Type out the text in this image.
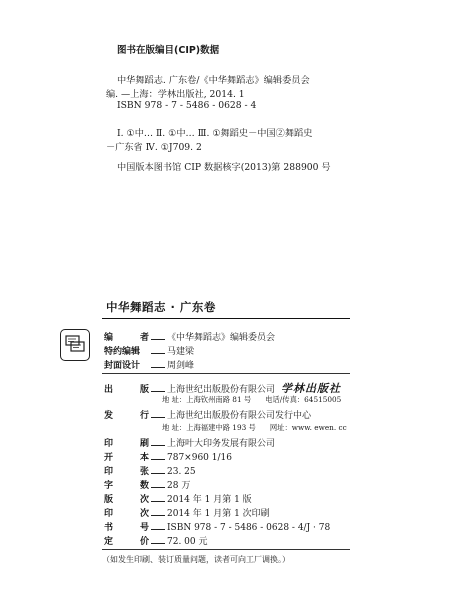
图书在版编目(CIP)数据
中华舞蹈志. 广东卷/《中华舞蹈志》编辑委员会
编. —上海：学林出版社, 2014. 1
ISBN 978 - 7 - 5486 - 0628 - 4
Ⅰ. ①中… Ⅱ. ①中… Ⅲ. ①舞蹈史－中国②舞蹈史
－广东省 Ⅳ. ①J709. 2
中国版本图书馆 CIP 数据核字(2013)第 288900 号
中华舞蹈志 · 广东卷
编	者 《中华舞蹈志》编辑委员会
特约编辑	马建梁
封面设计	周剑峰
出	版 上海世纪出版股份有限公司 学林出版社
地 址：上海钦州南路 81 号 电话/传真：64515005
发	行 上海世纪出版股份有限公司发行中心
地 址：上海福建中路 193 号 网址：www. ewen. cc
印	刷 上海叶大印务发展有限公司
开	本 787×960 1/16
印	张 23. 25
字	数 28 万
版	次 2014 年 1 月第 1 版
印	次 2014 年 1 月第 1 次印刷
书	号 ISBN 978 - 7 - 5486 - 0628 - 4/J · 78
定	价 72. 00 元
（如发生印刷、装订质量问题，读者可向工厂调换。）
